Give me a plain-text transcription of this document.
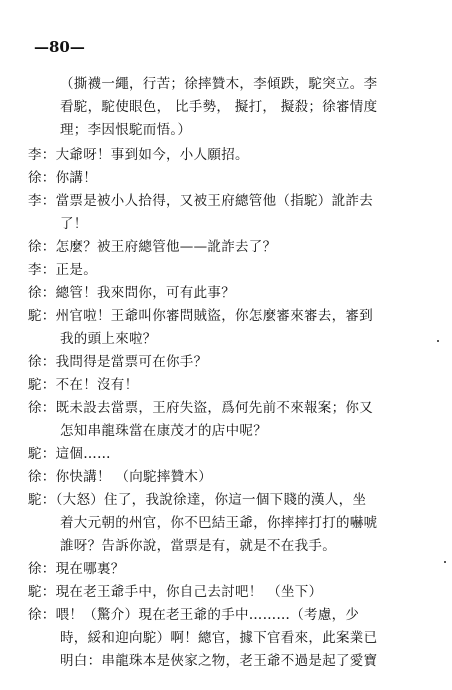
—80—
（撕襪一繩，行苦；徐摔贊木，李傾跌，駝突立。李
看駝，駝使眼色， 比手勢， 擬打， 擬殺；徐審情度
理；李因恨駝而悟。）
李：大爺呀！事到如今，小人願招。
徐：你講！
李：當票是被小人拾得，又被王府總管他（指駝）訛詐去
了！
徐：怎麼？被王府總管他——訛詐去了？
李：正是。
徐：總管！我來問你，可有此事？
駝：州官啦！王爺叫你審問賊盜，你怎麼審來審去，審到
我的頭上來啦？
徐：我問得是當票可在你手？
駝：不在！沒有！
徐：既未設去當票，王府失盜，爲何先前不來報案；你又
怎知串龍珠當在康茂才的店中呢？
駝：這個……
徐：你快講！ （向駝摔贊木）
駝：（大怒）住了，我說徐達，你這一個下賤的漢人，坐
着大元朝的州官，你不巴結王爺，你摔摔打打的嚇唬
誰呀？告訴你說，當票是有，就是不在我手。
徐：現在哪裏？
駝：現在老王爺手中，你自己去討吧！ （坐下）
徐：喂！（驚介）現在老王爺的手中………（考慮，少
時，綏和迎向駝）啊！總官，據下官看來，此案業已
明白：串龍珠本是俠家之物，老王爺不過是起了愛寶
